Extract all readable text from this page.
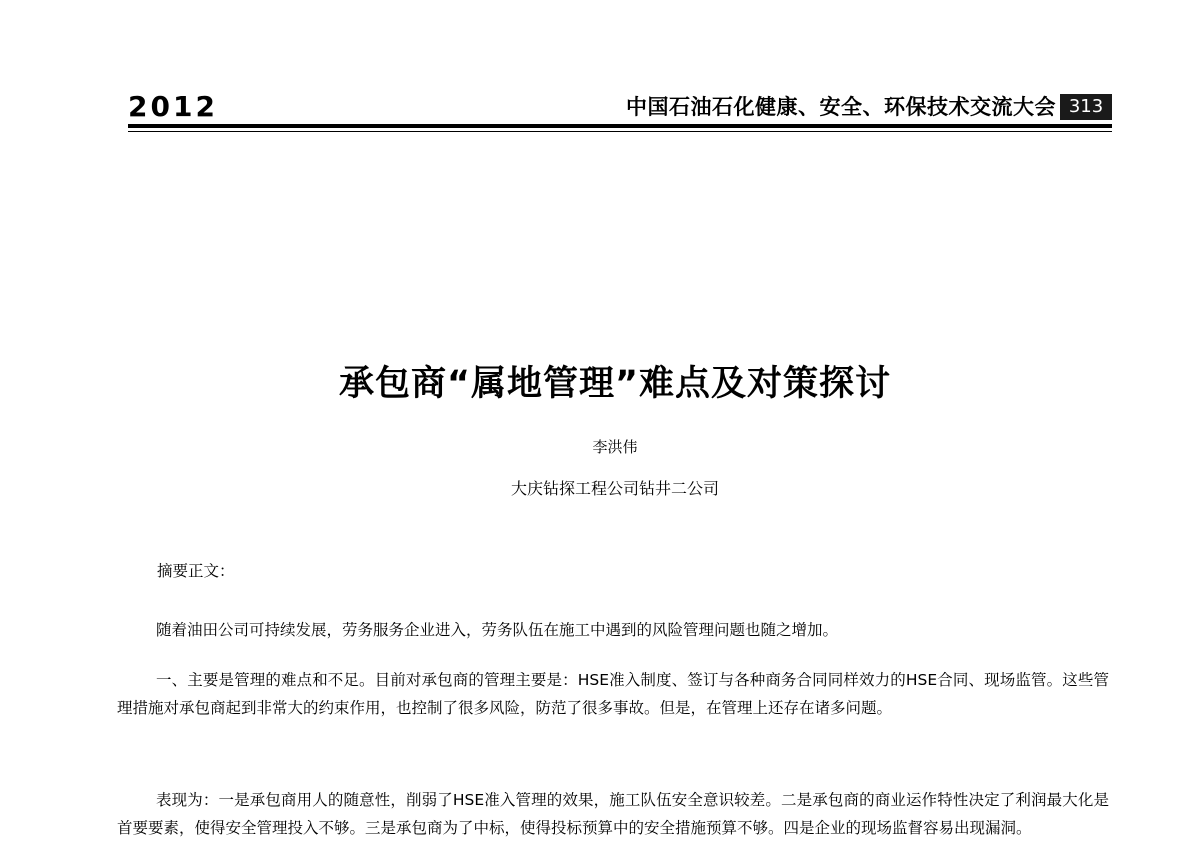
2012	中国石油石化健康、安全、环保技术交流大会 313
承包商“属地管理”难点及对策探讨
李洪伟
大庆钻探工程公司钻井二公司
摘要正文：

随着油田公司可持续发展，劳务服务企业进入，劳务队伍在施工中遇到的风险管理问题也随之增加。

一、主要是管理的难点和不足。目前对承包商的管理主要是：HSE准入制度、签订与各种商务合同同样效力的HSE合同、现场监管。这些管理措施对承包商起到非常大的约束作用，也控制了很多风险，防范了很多事故。但是，在管理上还存在诸多问题。

表现为：一是承包商用人的随意性，削弱了HSE准入管理的效果，施工队伍安全意识较差。二是承包商的商业运作特性决定了利润最大化是首要要素，使得安全管理投入不够。三是承包商为了中标，使得投标预算中的安全措施预算不够。四是企业的现场监督容易出现漏洞。
